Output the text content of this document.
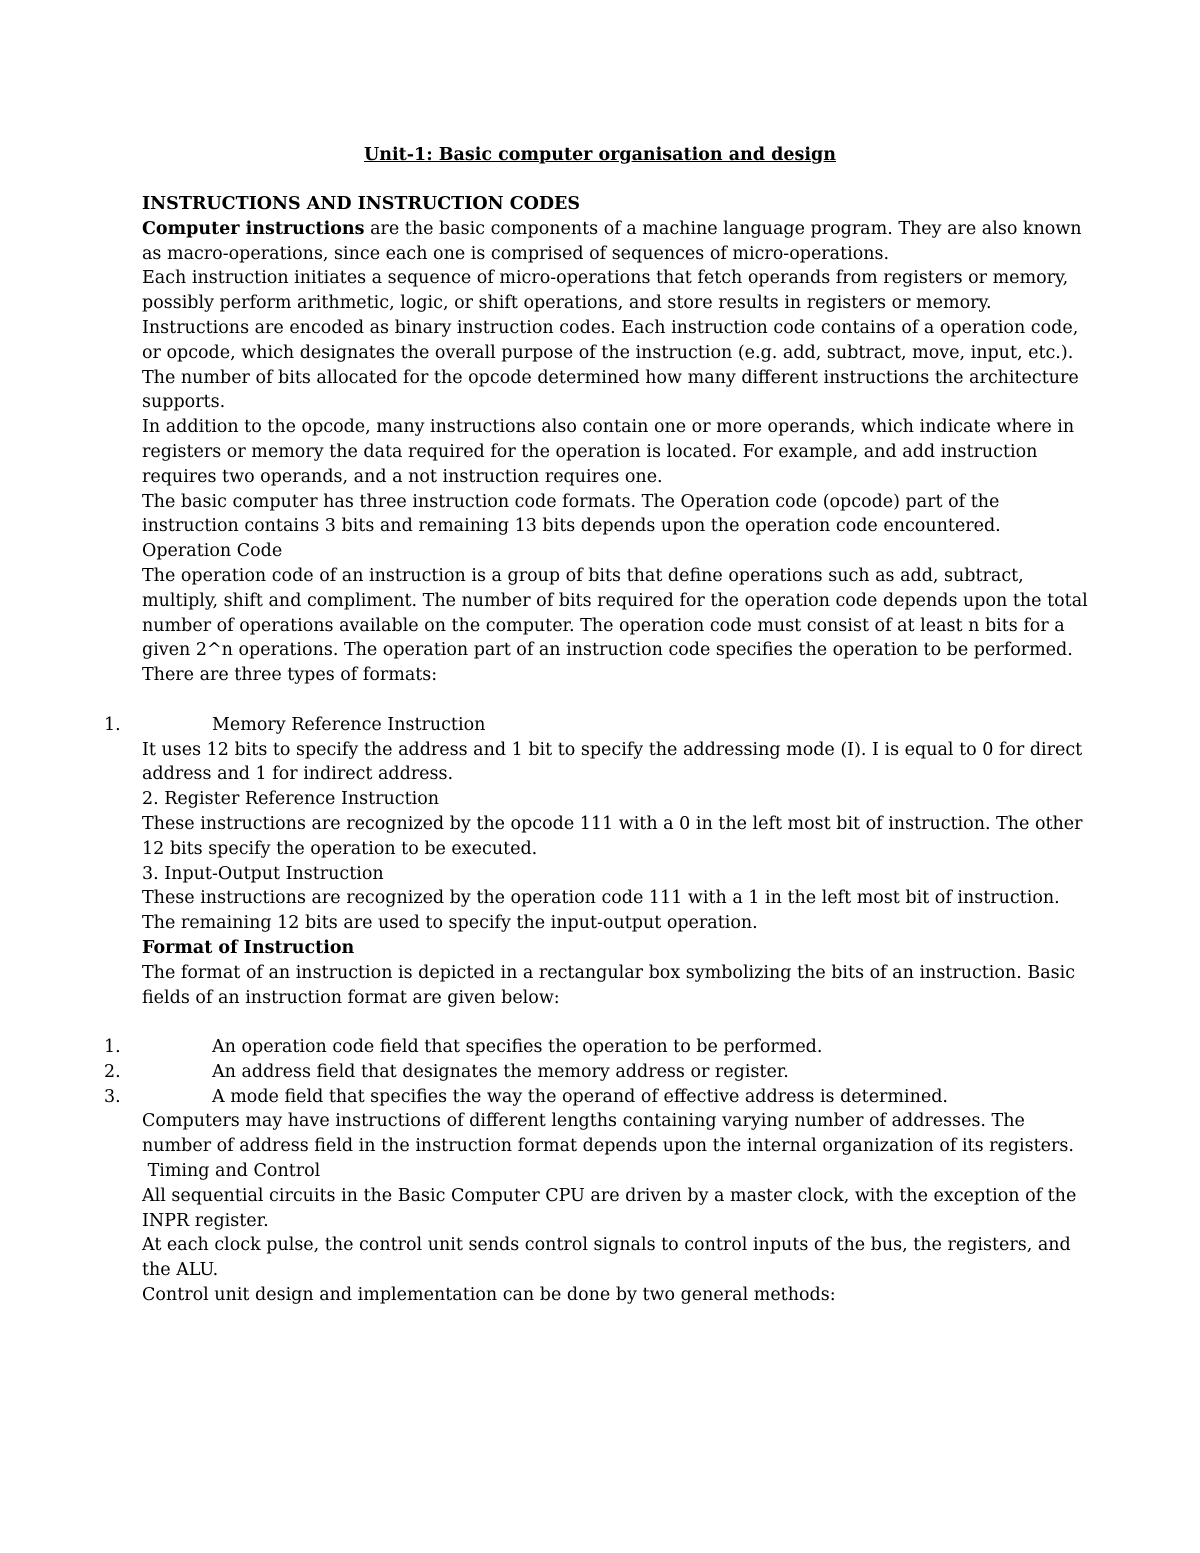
Unit-1: Basic computer organisation and design
INSTRUCTIONS AND INSTRUCTION CODES
Computer instructions are the basic components of a machine language program. They are also known
as macro-operations, since each one is comprised of sequences of micro-operations.
Each instruction initiates a sequence of micro-operations that fetch operands from registers or memory,
possibly perform arithmetic, logic, or shift operations, and store results in registers or memory.
Instructions are encoded as binary instruction codes. Each instruction code contains of a operation code,
or opcode, which designates the overall purpose of the instruction (e.g. add, subtract, move, input, etc.).
The number of bits allocated for the opcode determined how many different instructions the architecture
supports.
In addition to the opcode, many instructions also contain one or more operands, which indicate where in
registers or memory the data required for the operation is located. For example, and add instruction
requires two operands, and a not instruction requires one.
The basic computer has three instruction code formats. The Operation code (opcode) part of the
instruction contains 3 bits and remaining 13 bits depends upon the operation code encountered.
Operation Code
The operation code of an instruction is a group of bits that define operations such as add, subtract,
multiply, shift and compliment. The number of bits required for the operation code depends upon the total
number of operations available on the computer. The operation code must consist of at least n bits for a
given 2^n operations. The operation part of an instruction code specifies the operation to be performed.
There are three types of formats:
1.	Memory Reference Instruction
It uses 12 bits to specify the address and 1 bit to specify the addressing mode (I). I is equal to 0 for direct
address and 1 for indirect address.
2. Register Reference Instruction
These instructions are recognized by the opcode 111 with a 0 in the left most bit of instruction. The other
12 bits specify the operation to be executed.
3. Input-Output Instruction
These instructions are recognized by the operation code 111 with a 1 in the left most bit of instruction.
The remaining 12 bits are used to specify the input-output operation.
Format of Instruction
The format of an instruction is depicted in a rectangular box symbolizing the bits of an instruction. Basic
fields of an instruction format are given below:
1.	An operation code field that specifies the operation to be performed.
2.	An address field that designates the memory address or register.
3.	A mode field that specifies the way the operand of effective address is determined.
Computers may have instructions of different lengths containing varying number of addresses. The
number of address field in the instruction format depends upon the internal organization of its registers.
Timing and Control
All sequential circuits in the Basic Computer CPU are driven by a master clock, with the exception of the
INPR register.
At each clock pulse, the control unit sends control signals to control inputs of the bus, the registers, and
the ALU.
Control unit design and implementation can be done by two general methods:
